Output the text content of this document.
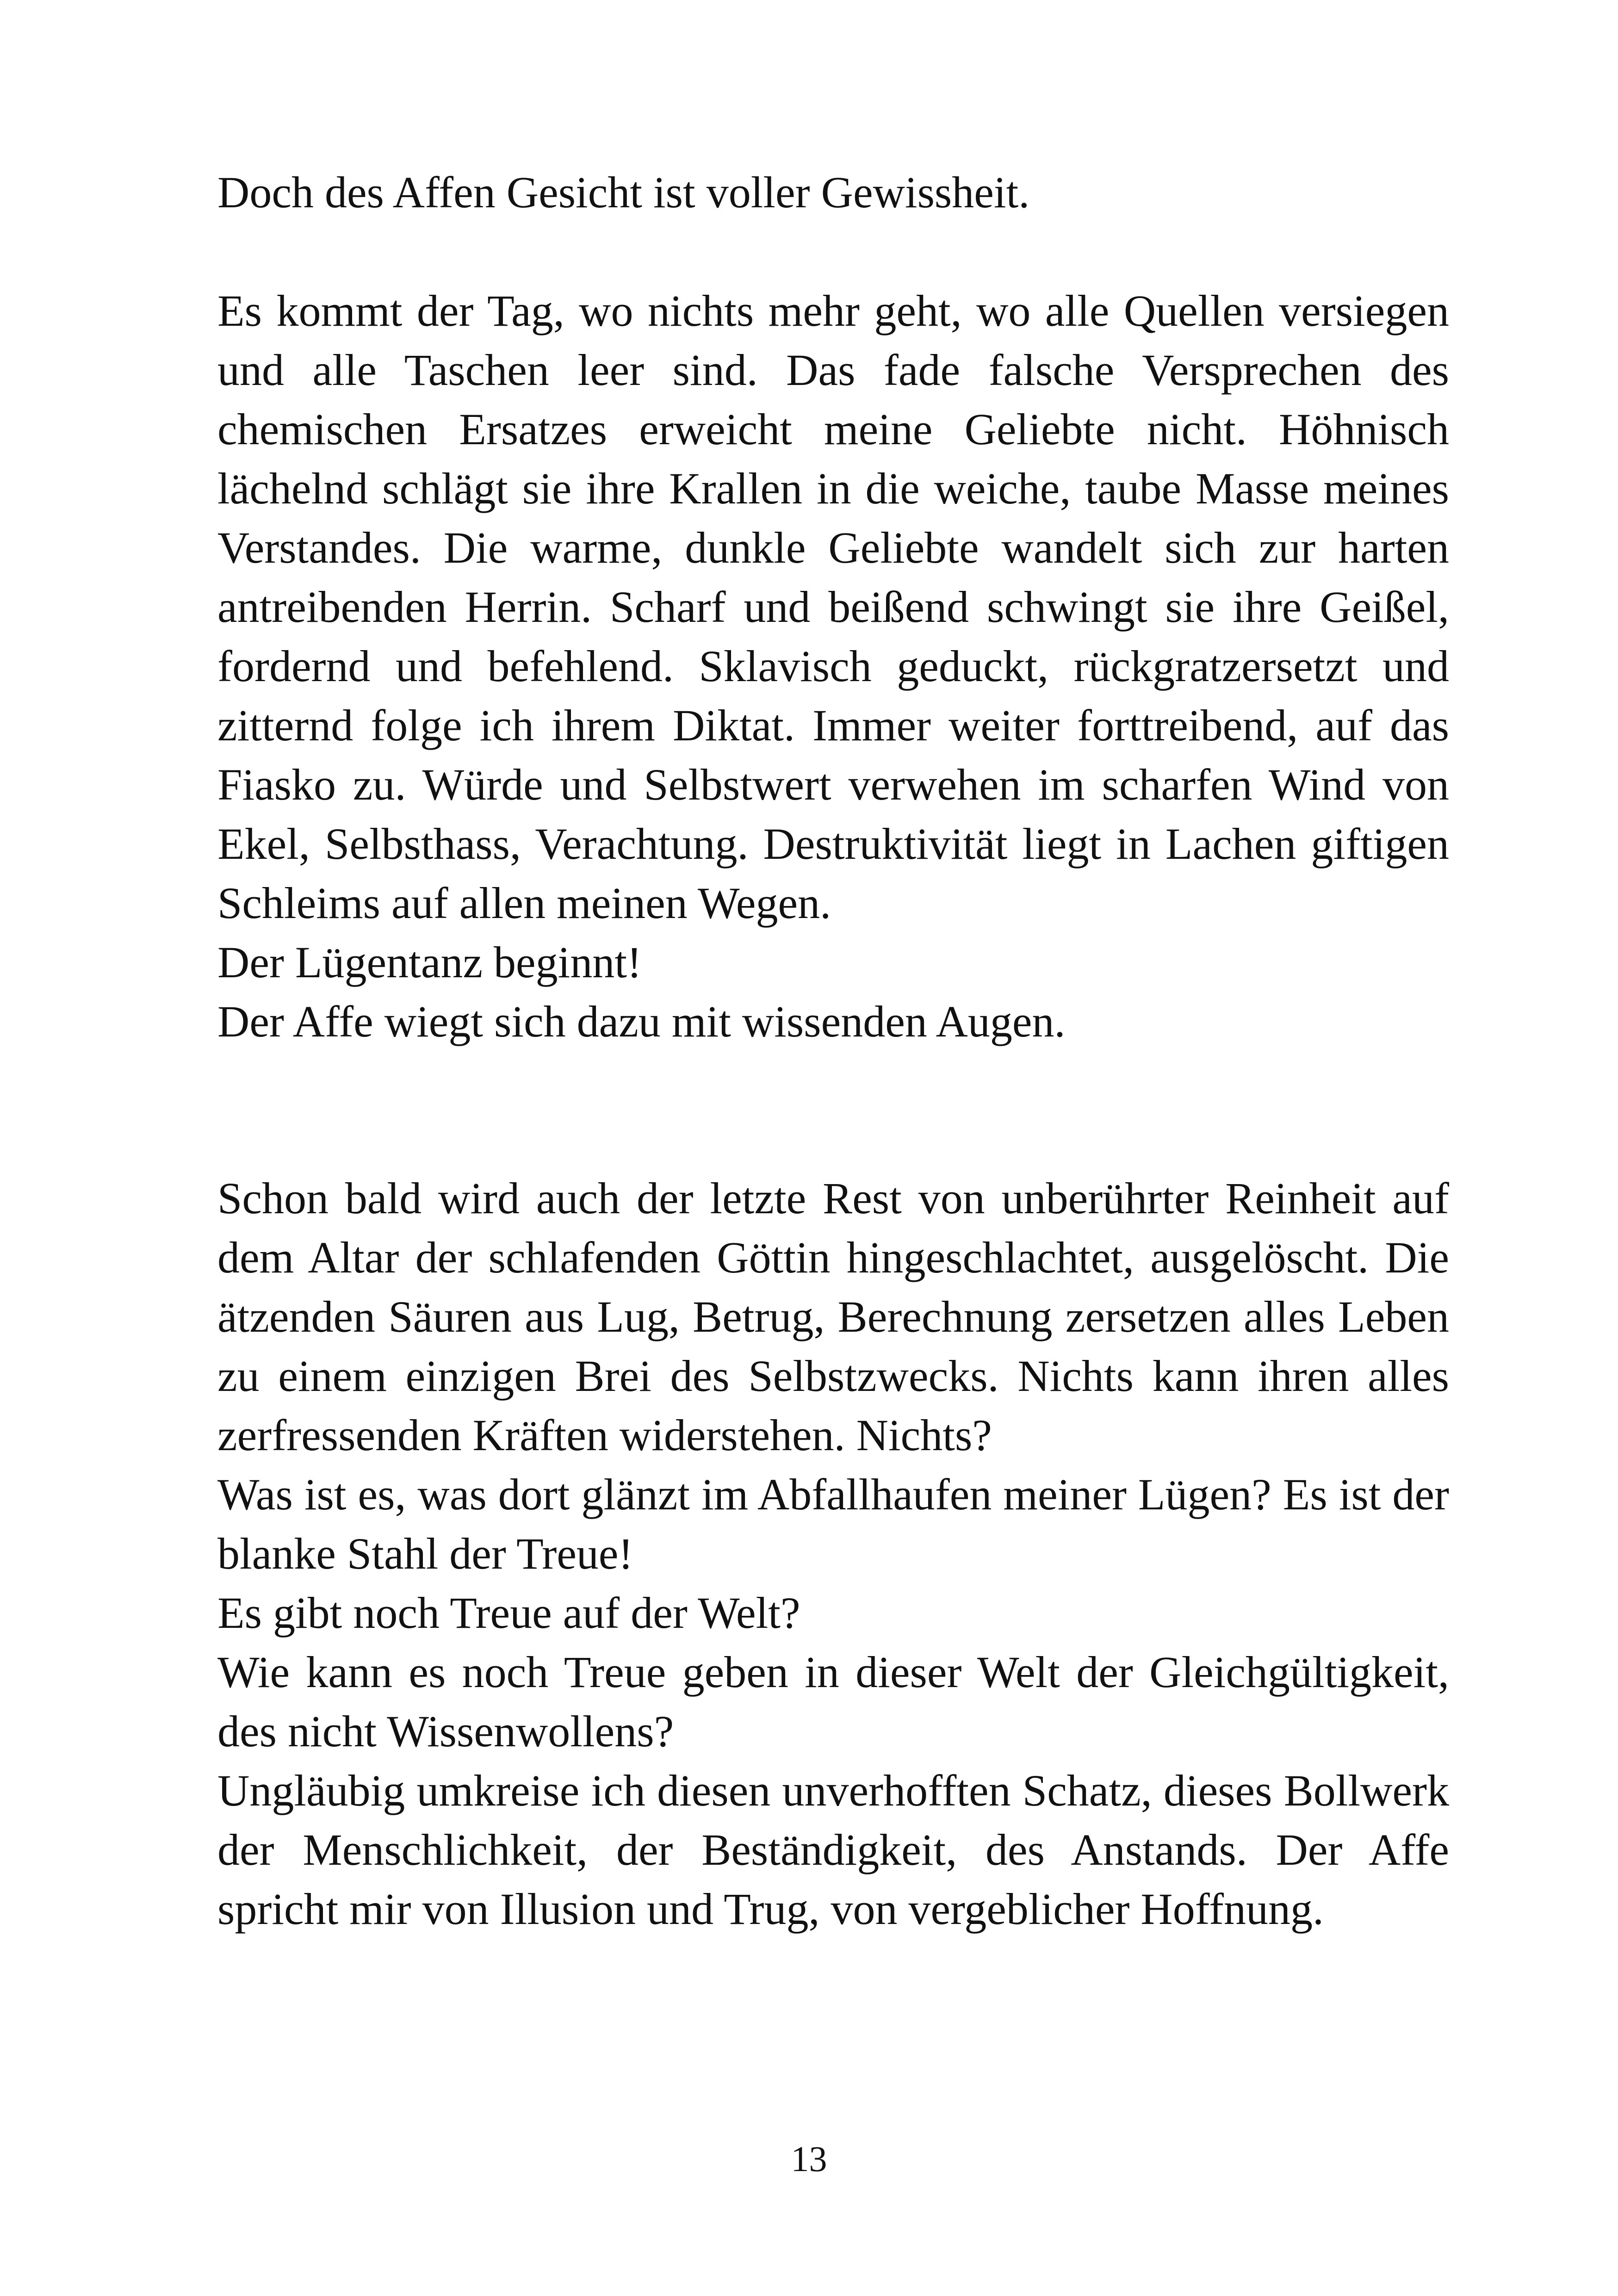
Doch des Affen Gesicht ist voller Gewissheit.

Es kommt der Tag, wo nichts mehr geht, wo alle Quellen versiegen und alle Taschen leer sind. Das fade falsche Versprechen des chemischen Ersatzes erweicht meine Geliebte nicht. Höhnisch lächelnd schlägt sie ihre Krallen in die weiche, taube Masse meines Verstandes. Die warme, dunkle Geliebte wandelt sich zur harten antreibenden Herrin. Scharf und beißend schwingt sie ihre Geißel, fordernd und befehlend. Sklavisch geduckt, rückgratzersetzt und zitternd folge ich ihrem Diktat. Immer weiter forttreibend, auf das Fiasko zu. Würde und Selbstwert verwehen im scharfen Wind von Ekel, Selbsthass, Verachtung. Destruktivität liegt in Lachen giftigen Schleims auf allen meinen Wegen.

Der Lügentanz beginnt!

Der Affe wiegt sich dazu mit wissenden Augen.

Schon bald wird auch der letzte Rest von unberührter Reinheit auf dem Altar der schlafenden Göttin hingeschlachtet, ausgelöscht. Die ätzenden Säuren aus Lug, Betrug, Berechnung zersetzen alles Leben zu einem einzigen Brei des Selbstzwecks. Nichts kann ihren alles zerfressenden Kräften widerstehen. Nichts?

Was ist es, was dort glänzt im Abfallhaufen meiner Lügen? Es ist der blanke Stahl der Treue!

Es gibt noch Treue auf der Welt?

Wie kann es noch Treue geben in dieser Welt der Gleichgültigkeit, des nicht Wissenwollens?

Ungläubig umkreise ich diesen unverhofften Schatz, dieses Bollwerk der Menschlichkeit, der Beständigkeit, des Anstands. Der Affe spricht mir von Illusion und Trug, von vergeblicher Hoffnung.

13
